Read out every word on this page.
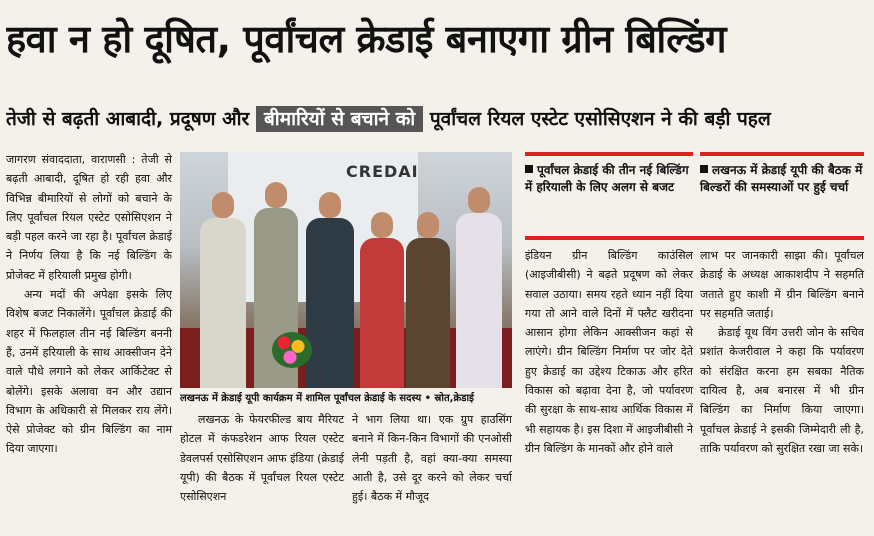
हवा न हो दूषित, पूर्वांचल क्रेडाई बनाएगा ग्रीन बिल्डिंग
तेजी से बढ़ती आबादी, प्रदूषण और बीमारियों से बचाने को पूर्वांचल रियल एस्टेट एसोसिएशन ने की बड़ी पहल

जागरण संवाददाता, वाराणसी : तेजी से बढ़ती आबादी, दूषित हो रही हवा और विभिन्न बीमारियों से लोगों को बचाने के लिए पूर्वांचल रियल एस्टेट एसोसिएशन ने बड़ी पहल करने जा रहा है। पूर्वांचल क्रेडाई ने निर्णय लिया है कि नई बिल्डिंग के प्रोजेक्ट में हरियाली प्रमुख होगी।

अन्य मदों की अपेक्षा इसके लिए विशेष बजट निकालेंगे। पूर्वांचल क्रेडाई की शहर में फिलहाल तीन नई बिल्डिंग बननी हैं, उनमें हरियाली के साथ आक्सीजन देने वाले पौधे लगाने को लेकर आर्किटेक्ट से बोलेंगे। इसके अलावा वन और उद्यान विभाग के अधिकारी से मिलकर राय लेंगे। ऐसे प्रोजेक्ट को ग्रीन बिल्डिंग का नाम दिया जाएगा।

CREDAI
लखनऊ में क्रेडाई यूपी कार्यक्रम में शामिल पूर्वांचल क्रेडाई के सदस्य • स्रोत,क्रेडाई

लखनऊ के फेयरफील्ड बाय मैरियट होटल में कंफडरेशन आफ रियल एस्टेट डेवलपर्स एसोसिएशन आफ इंडिया (क्रेडाई यूपी) की बैठक में पूर्वांचल रियल एस्टेट एसोसिएशन

ने भाग लिया था। एक ग्रुप हाउसिंग बनाने में किन-किन विभागों की एनओसी लेनी पड़ती है, वहां क्या-क्या समस्या आती है, उसे दूर करने को लेकर चर्चा हुई। बैठक में मौजूद

पूर्वांचल क्रेडाई की तीन नई बिल्डिंग में हरियाली के लिए अलग से बजट
लखनऊ में क्रेडाई यूपी की बैठक में बिल्डरों की समस्याओं पर हुई चर्चा

इंडियन ग्रीन बिल्डिंग काउंसिल (आइजीबीसी) ने बढ़ते प्रदूषण को लेकर सवाल उठाया। समय रहते ध्यान नहीं दिया गया तो आने वाले दिनों में फ्लैट खरीदना आसान होगा लेकिन आक्सीजन कहां से लाएंगे। ग्रीन बिल्डिंग निर्माण पर जोर देते हुए क्रेडाई का उद्देश्य टिकाऊ और हरित विकास को बढ़ावा देना है, जो पर्यावरण की सुरक्षा के साथ-साथ आर्थिक विकास में भी सहायक है। इस दिशा में आइजीबीसी ने ग्रीन बिल्डिंग के मानकों और होने वाले

लाभ पर जानकारी साझा की। पूर्वांचल क्रेडाई के अध्यक्ष आकाशदीप ने सहमति जताते हुए काशी में ग्रीन बिल्डिंग बनाने पर सहमति जताई।

क्रेडाई यूथ विंग उत्तरी जोन के सचिव प्रशांत केजरीवाल ने कहा कि पर्यावरण को संरक्षित करना हम सबका नैतिक दायित्व है, अब बनारस में भी ग्रीन बिल्डिंग का निर्माण किया जाएगा। पूर्वांचल क्रेडाई ने इसकी जिम्मेदारी ली है, ताकि पर्यावरण को सुरक्षित रखा जा सके।
